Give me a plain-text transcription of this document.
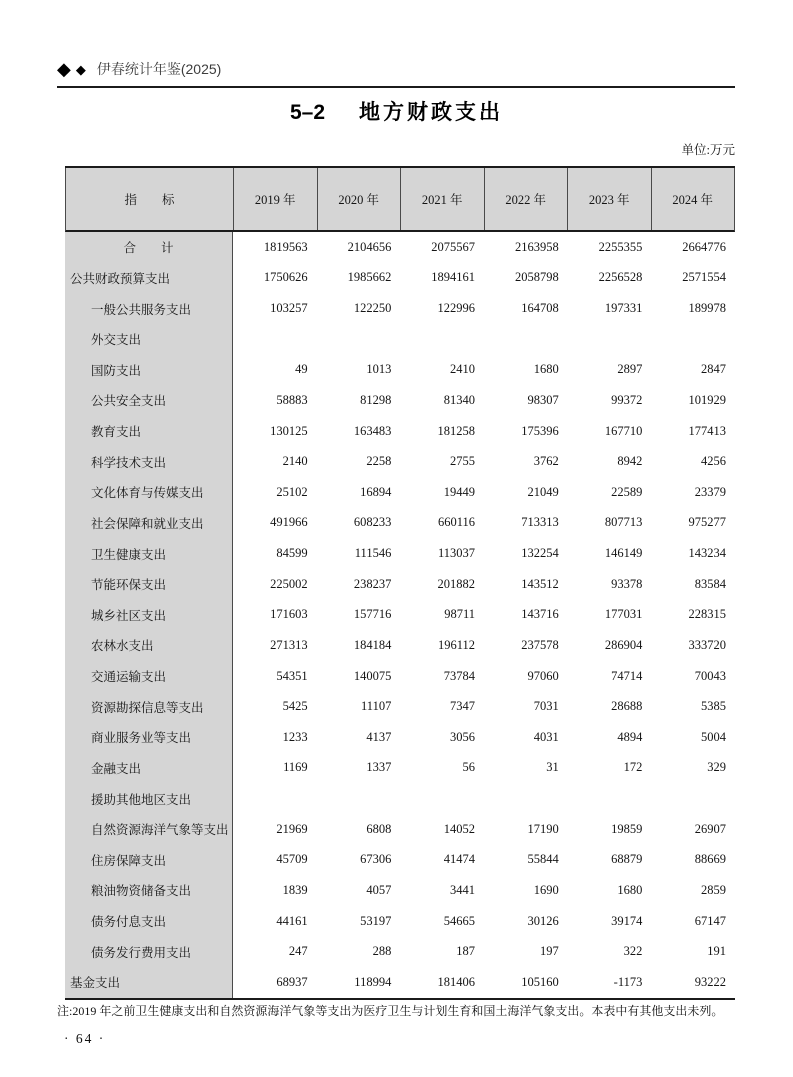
◆ ◆ 伊春统计年鉴(2025)
5–2 地方财政支出
单位:万元
指　　标	2019 年	2020 年	2021 年	2022 年	2023 年	2024 年
合　　计	1819563	2104656	2075567	2163958	2255355	2664776
公共财政预算支出	1750626	1985662	1894161	2058798	2256528	2571554
一般公共服务支出	103257	122250	122996	164708	197331	189978
外交支出
国防支出	49	1013	2410	1680	2897	2847
公共安全支出	58883	81298	81340	98307	99372	101929
教育支出	130125	163483	181258	175396	167710	177413
科学技术支出	2140	2258	2755	3762	8942	4256
文化体育与传媒支出	25102	16894	19449	21049	22589	23379
社会保障和就业支出	491966	608233	660116	713313	807713	975277
卫生健康支出	84599	111546	113037	132254	146149	143234
节能环保支出	225002	238237	201882	143512	93378	83584
城乡社区支出	171603	157716	98711	143716	177031	228315
农林水支出	271313	184184	196112	237578	286904	333720
交通运输支出	54351	140075	73784	97060	74714	70043
资源勘探信息等支出	5425	11107	7347	7031	28688	5385
商业服务业等支出	1233	4137	3056	4031	4894	5004
金融支出	1169	1337	56	31	172	329
援助其他地区支出
自然资源海洋气象等支出	21969	6808	14052	17190	19859	26907
住房保障支出	45709	67306	41474	55844	68879	88669
粮油物资储备支出	1839	4057	3441	1690	1680	2859
债务付息支出	44161	53197	54665	30126	39174	67147
债务发行费用支出	247	288	187	197	322	191
基金支出	68937	118994	181406	105160	-1173	93222

注:2019 年之前卫生健康支出和自然资源海洋气象等支出为医疗卫生与计划生育和国土海洋气象支出。本表中有其他支出未列。

· 64 ·
